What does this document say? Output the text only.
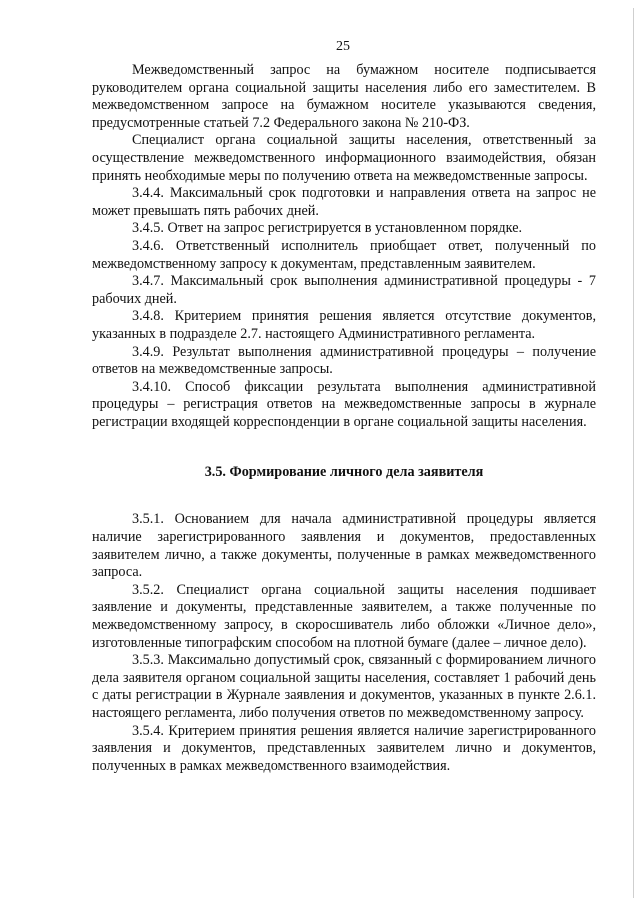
25

Межведомственный запрос на бумажном носителе подписывается руководителем органа социальной защиты населения либо его заместителем. В межведомственном запросе на бумажном носителе указываются сведения, предусмотренные статьей 7.2 Федерального закона № 210-ФЗ.

Специалист органа социальной защиты населения, ответственный за осуществление межведомственного информационного взаимодействия, обязан принять необходимые меры по получению ответа на межведомственные запросы.

3.4.4. Максимальный срок подготовки и направления ответа на запрос не может превышать пять рабочих дней.

3.4.5. Ответ на запрос регистрируется в установленном порядке.

3.4.6. Ответственный исполнитель приобщает ответ, полученный по межведомственному запросу к документам, представленным заявителем.

3.4.7. Максимальный срок выполнения административной процедуры - 7 рабочих дней.

3.4.8. Критерием принятия решения является отсутствие документов, указанных в подразделе 2.7. настоящего Административного регламента.

3.4.9. Результат выполнения административной процедуры – получение ответов на межведомственные запросы.

3.4.10. Способ фиксации результата выполнения административной процедуры – регистрация ответов на межведомственные запросы в журнале регистрации входящей корреспонденции в органе социальной защиты населения.

3.5. Формирование личного дела заявителя

3.5.1. Основанием для начала административной процедуры является наличие зарегистрированного заявления и документов, предоставленных заявителем лично, а также документы, полученные в рамках межведомственного запроса.

3.5.2. Специалист органа социальной защиты населения подшивает заявление и документы, представленные заявителем, а также полученные по межведомственному запросу, в скоросшиватель либо обложки «Личное дело», изготовленные типографским способом на плотной бумаге (далее – личное дело).

3.5.3. Максимально допустимый срок, связанный с формированием личного дела заявителя органом социальной защиты населения, составляет 1 рабочий день с даты регистрации в Журнале заявления и документов, указанных в пункте 2.6.1. настоящего регламента, либо получения ответов по межведомственному запросу.

3.5.4. Критерием принятия решения является наличие зарегистрированного заявления и документов, представленных заявителем лично и документов, полученных в рамках межведомственного взаимодействия.
